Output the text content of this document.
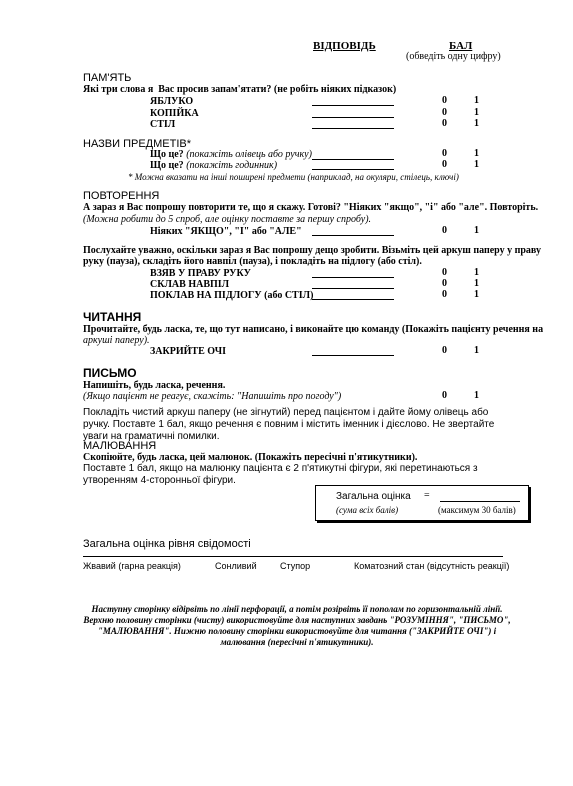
ВІДПОВІДЬ	БАЛ
(обведіть одну цифру)
ПАМ'ЯТЬ
Які три слова я Вас просив запам'ятати? (не робіть ніяких підказок)
ЯБЛУКО	0	1
КОПІЙКА	0	1
СТІЛ	0	1
НАЗВИ ПРЕДМЕТІВ*
Що це? (покажіть олівець або ручку)	0	1
Що це? (покажіть годинник)	0	1
* Можна вказати на інші поширені предмети (наприклад, на окуляри, стілець, ключі)
ПОВТОРЕННЯ
А зараз я Вас попрошу повторити те, що я скажу. Готові? "Ніяких "якщо", "і" або "але". Повторіть.
(Можна робити до 5 спроб, але оцінку поставте за першу спробу).
Ніяких "ЯКЩО", "І" або "АЛЕ"	0	1
Послухайте уважно, оскільки зараз я Вас попрошу дещо зробити. Візьміть цей аркуш паперу у праву
руку (пауза), складіть його навпіл (пауза), і покладіть на підлогу (або стіл).
ВЗЯВ У ПРАВУ РУКУ	0	1
СКЛАВ НАВПІЛ	0	1
ПОКЛАВ НА ПІДЛОГУ (або СТІЛ)	0	1
ЧИТАННЯ
Прочитайте, будь ласка, те, що тут написано, і виконайте цю команду (Покажіть пацієнту речення на
аркуші паперу).
ЗАКРИЙТЕ ОЧІ	0	1
ПИСЬМО
Напишіть, будь ласка, речення.
(Якщо пацієнт не реагує, скажіть: "Напишіть про погоду")	0	1
Покладіть чистий аркуш паперу (не зігнутий) перед пацієнтом і дайте йому олівець або ручку. Поставте 1 бал, якщо речення є повним і містить іменник і дієслово. Не звертайте уваги на граматичні помилки.
МАЛЮВАННЯ
Скопіюйте, будь ласка, цей малюнок. (Покажіть пересічні п'ятикутники).
Поставте 1 бал, якщо на малюнку пацієнта є 2 п'ятикутні фігури, які перетинаються з утворенням 4-сторонньої фігури.
Загальна оцінка =
(сума всіх балів)	(максимум 30 балів)
Загальна оцінка рівня свідомості
Жвавий (гарна реакція)	Сонливий	Ступор	Коматозний стан (відсутність реакції)
Наступну сторінку відірвіть по лінії перфорації, а потім розірвіть її пополам по горизонтальній лінії. Верхню половину сторінки (чисту) використовуйте для наступних завдань "РОЗУМІННЯ", "ПИСЬМО", "МАЛЮВАННЯ". Нижню половину сторінки використовуйте для читання ("ЗАКРИЙТЕ ОЧІ") і малювання (пересічні п'ятикутники).
